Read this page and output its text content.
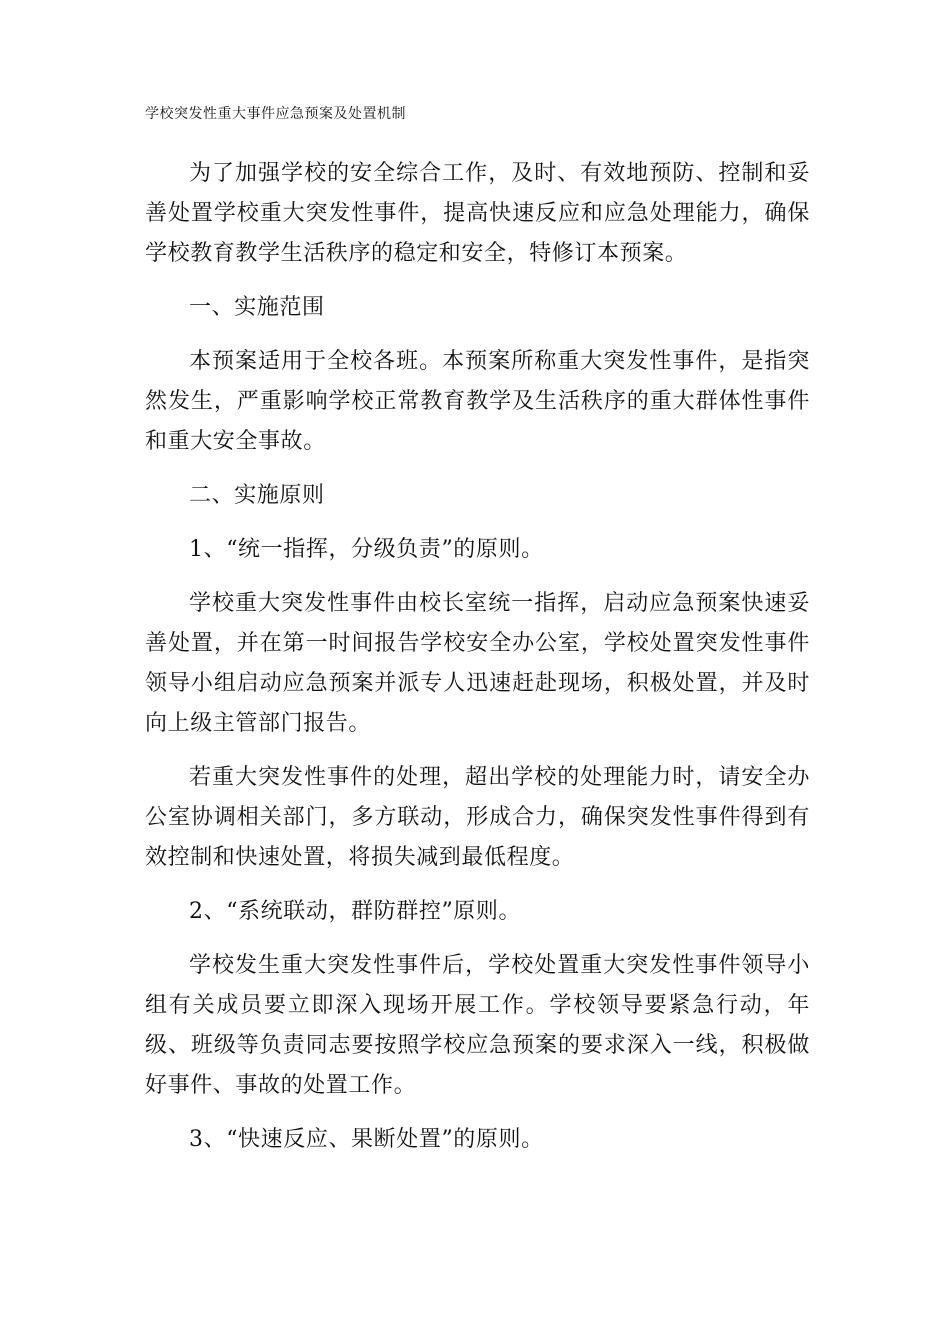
学校突发性重大事件应急预案及处置机制

为了加强学校的安全综合工作，及时、有效地预防、控制和妥善处置学校重大突发性事件，提高快速反应和应急处理能力，确保学校教育教学生活秩序的稳定和安全，特修订本预案。

一、实施范围

本预案适用于全校各班。本预案所称重大突发性事件，是指突然发生，严重影响学校正常教育教学及生活秩序的重大群体性事件和重大安全事故。

二、实施原则

1、“统一指挥，分级负责”的原则。

学校重大突发性事件由校长室统一指挥，启动应急预案快速妥善处置，并在第一时间报告学校安全办公室，学校处置突发性事件领导小组启动应急预案并派专人迅速赶赴现场，积极处置，并及时向上级主管部门报告。

若重大突发性事件的处理，超出学校的处理能力时，请安全办公室协调相关部门，多方联动，形成合力，确保突发性事件得到有效控制和快速处置，将损失减到最低程度。

2、“系统联动，群防群控”原则。

学校发生重大突发性事件后，学校处置重大突发性事件领导小组有关成员要立即深入现场开展工作。学校领导要紧急行动，年级、班级等负责同志要按照学校应急预案的要求深入一线，积极做好事件、事故的处置工作。

3、“快速反应、果断处置”的原则。
